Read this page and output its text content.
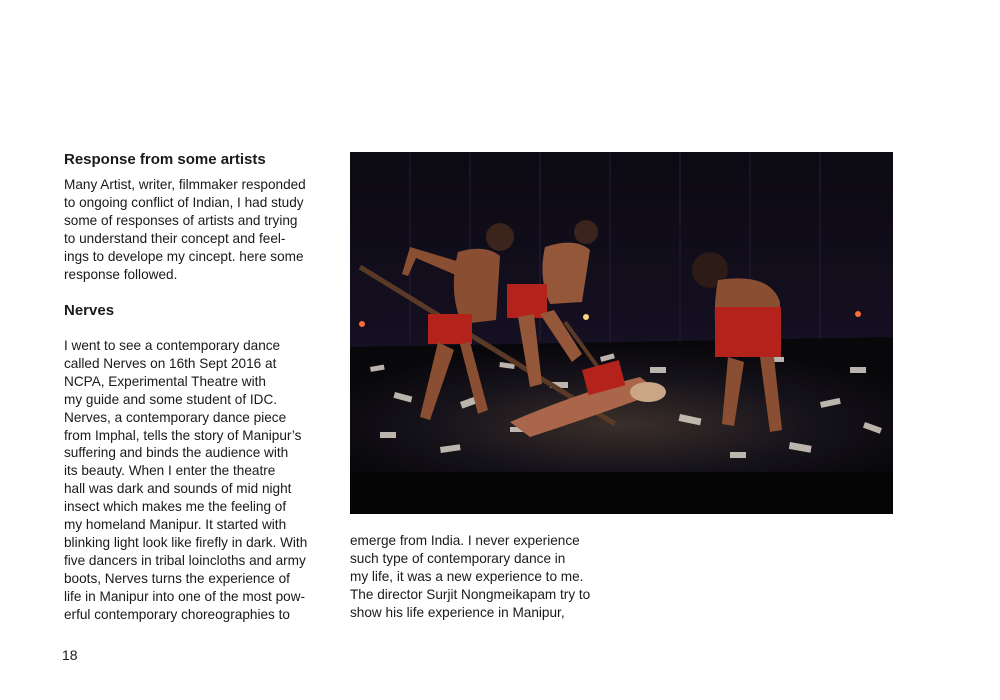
Response from some artists
Many Artist, writer, filmmaker responded
to ongoing conflict of Indian, I had study
some of responses of artists and trying
to understand their concept and feel-
ings to develope my cincept. here some
response followed.
Nerves
I went to see a contemporary dance
called Nerves on 16th Sept 2016 at
NCPA, Experimental Theatre with
my guide and some student of IDC.
Nerves, a contemporary dance piece
from Imphal, tells the story of Manipur’s
suffering and binds the audience with
its beauty. When I enter the theatre
hall was dark and sounds of mid night
insect which makes me the feeling of
my homeland Manipur. It started with
blinking light look like firefly in dark. With
five dancers in tribal loincloths and army
boots, Nerves turns the experience of
life in Manipur into one of the most pow-
erful contemporary choreographies to
emerge from India. I never experience
such type of contemporary dance in
my life, it was a new experience to me.
The director Surjit Nongmeikapam try to
show his life experience in Manipur,
18
